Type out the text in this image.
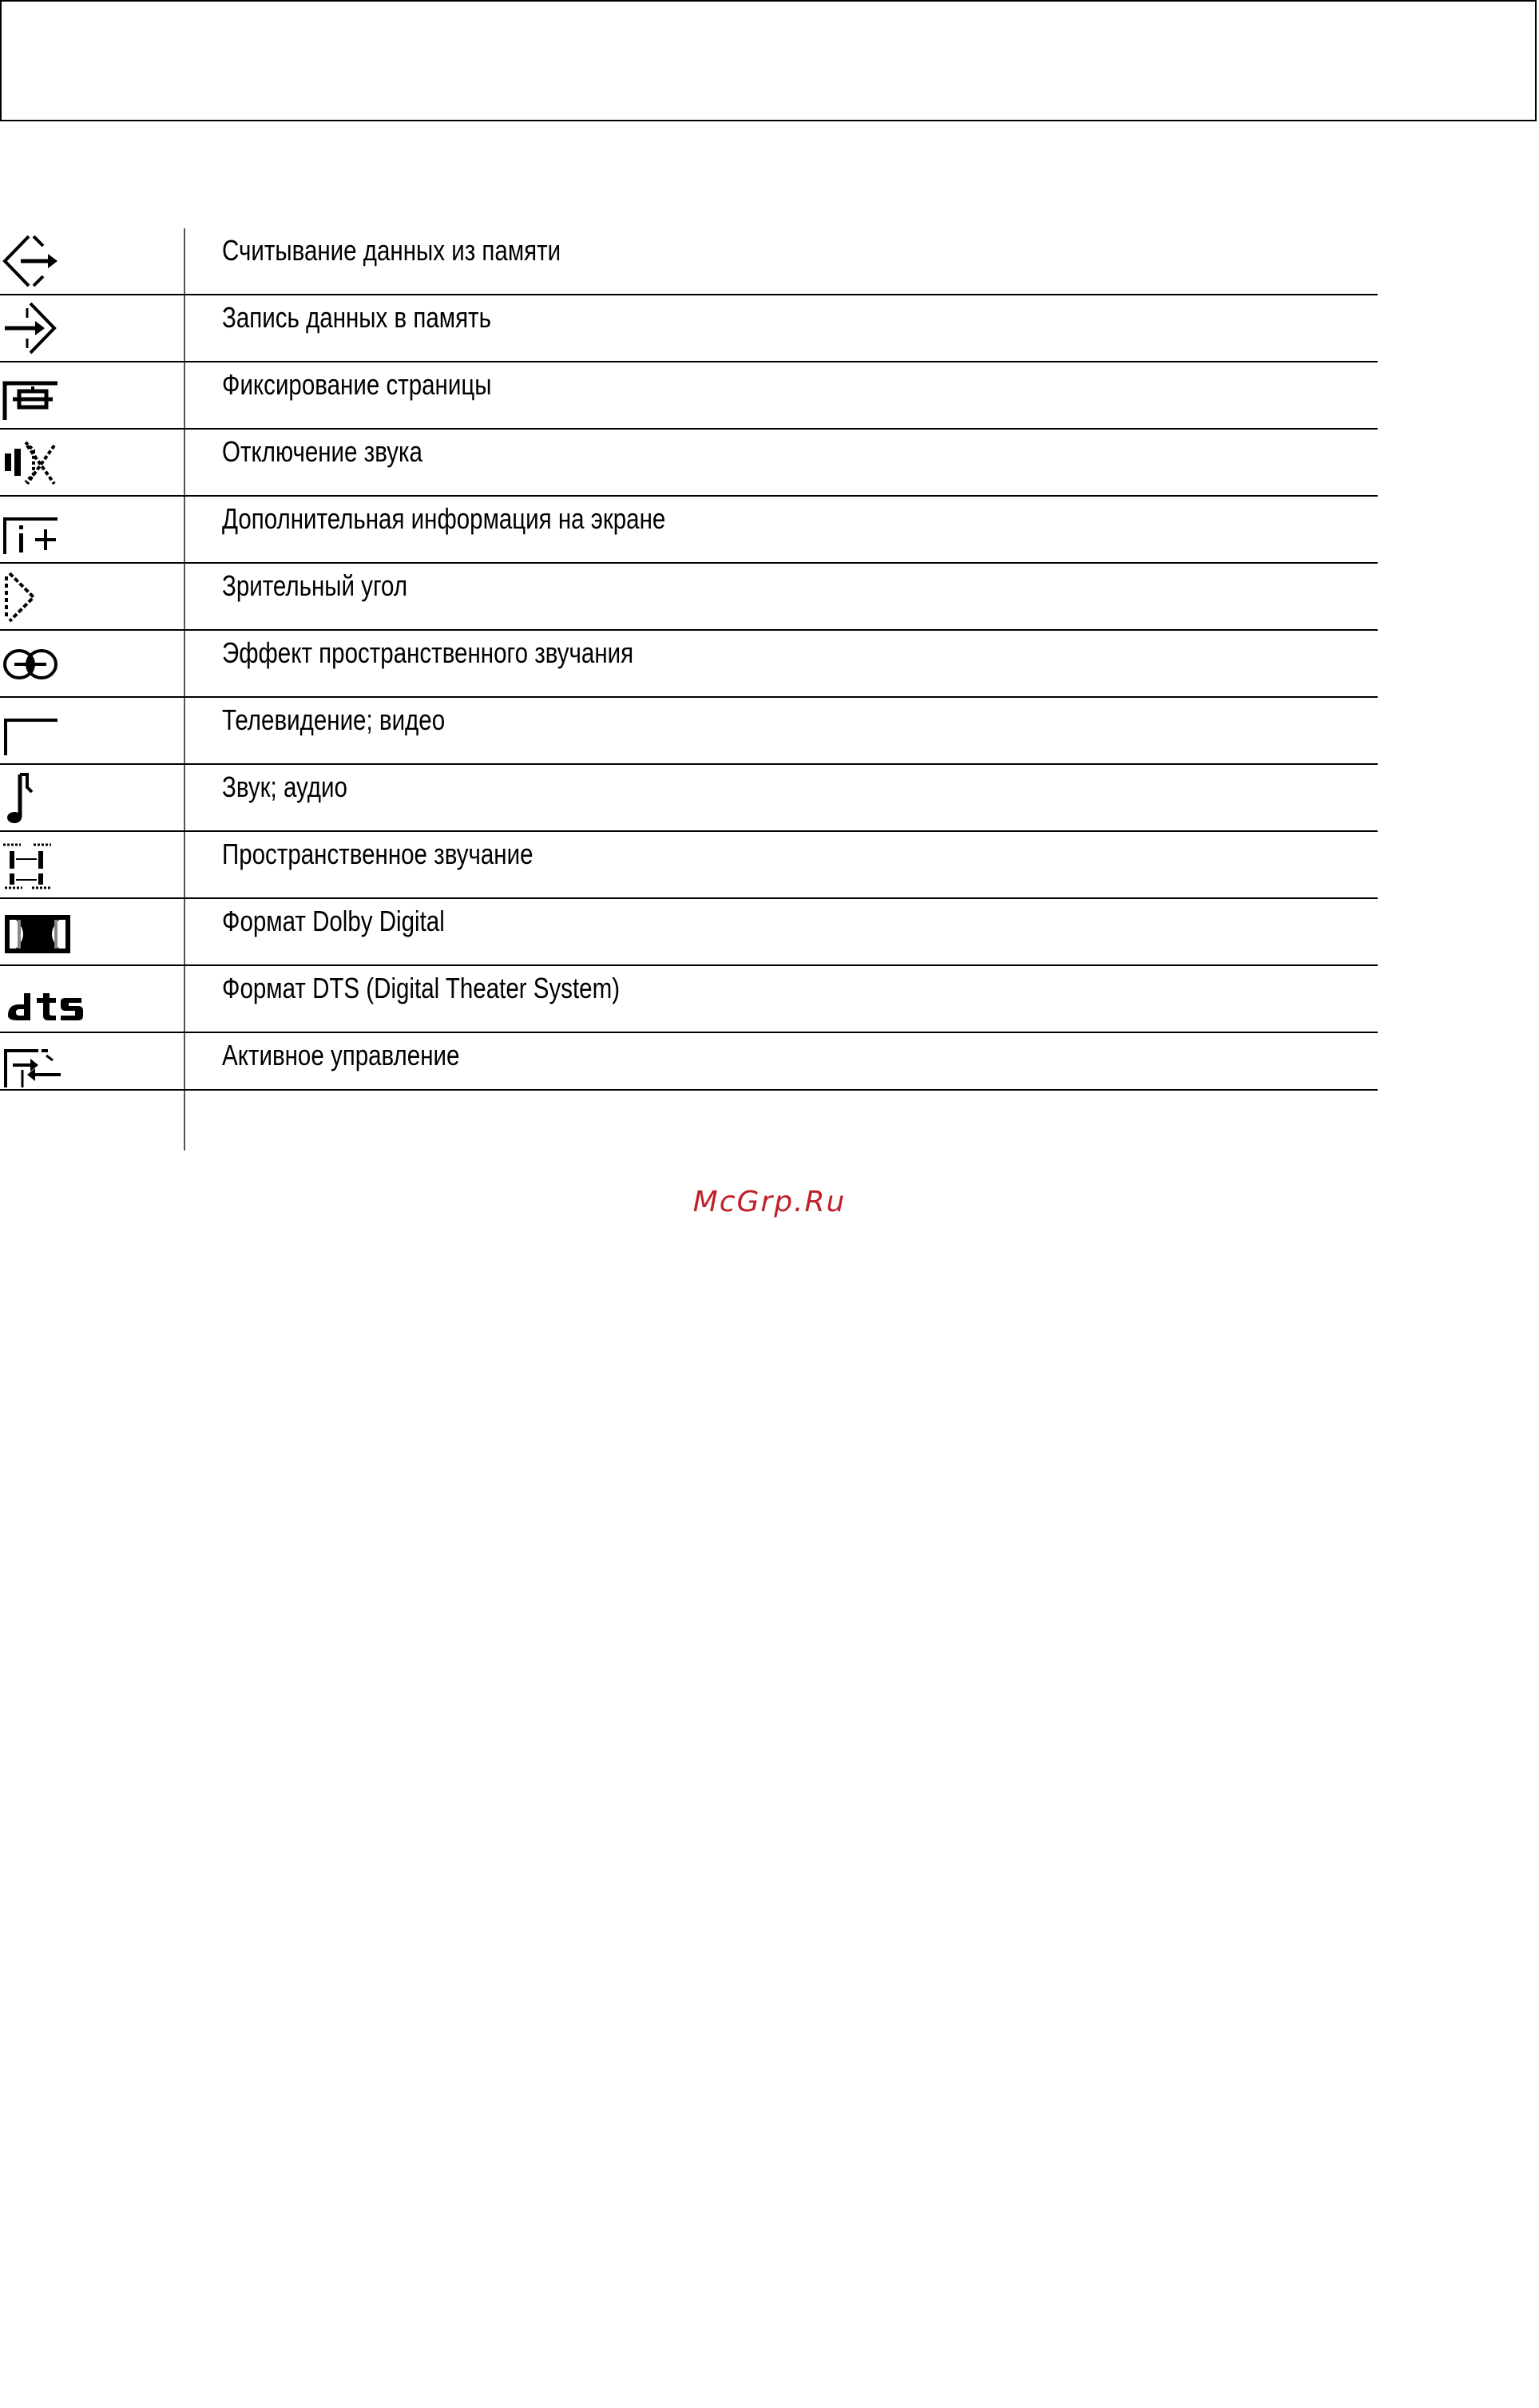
Считывание данных из памяти
Запись данных в память
Фиксирование страницы
Отключение звука
Дополнительная информация на экране
Зрительный угол
Эффект пространственного звучания
Телевидение; видео
Звук; аудио
Пространственное звучание
Формат Dolby Digital
Формат DTS (Digital Theater System)
Активное управление
McGrp.Ru
